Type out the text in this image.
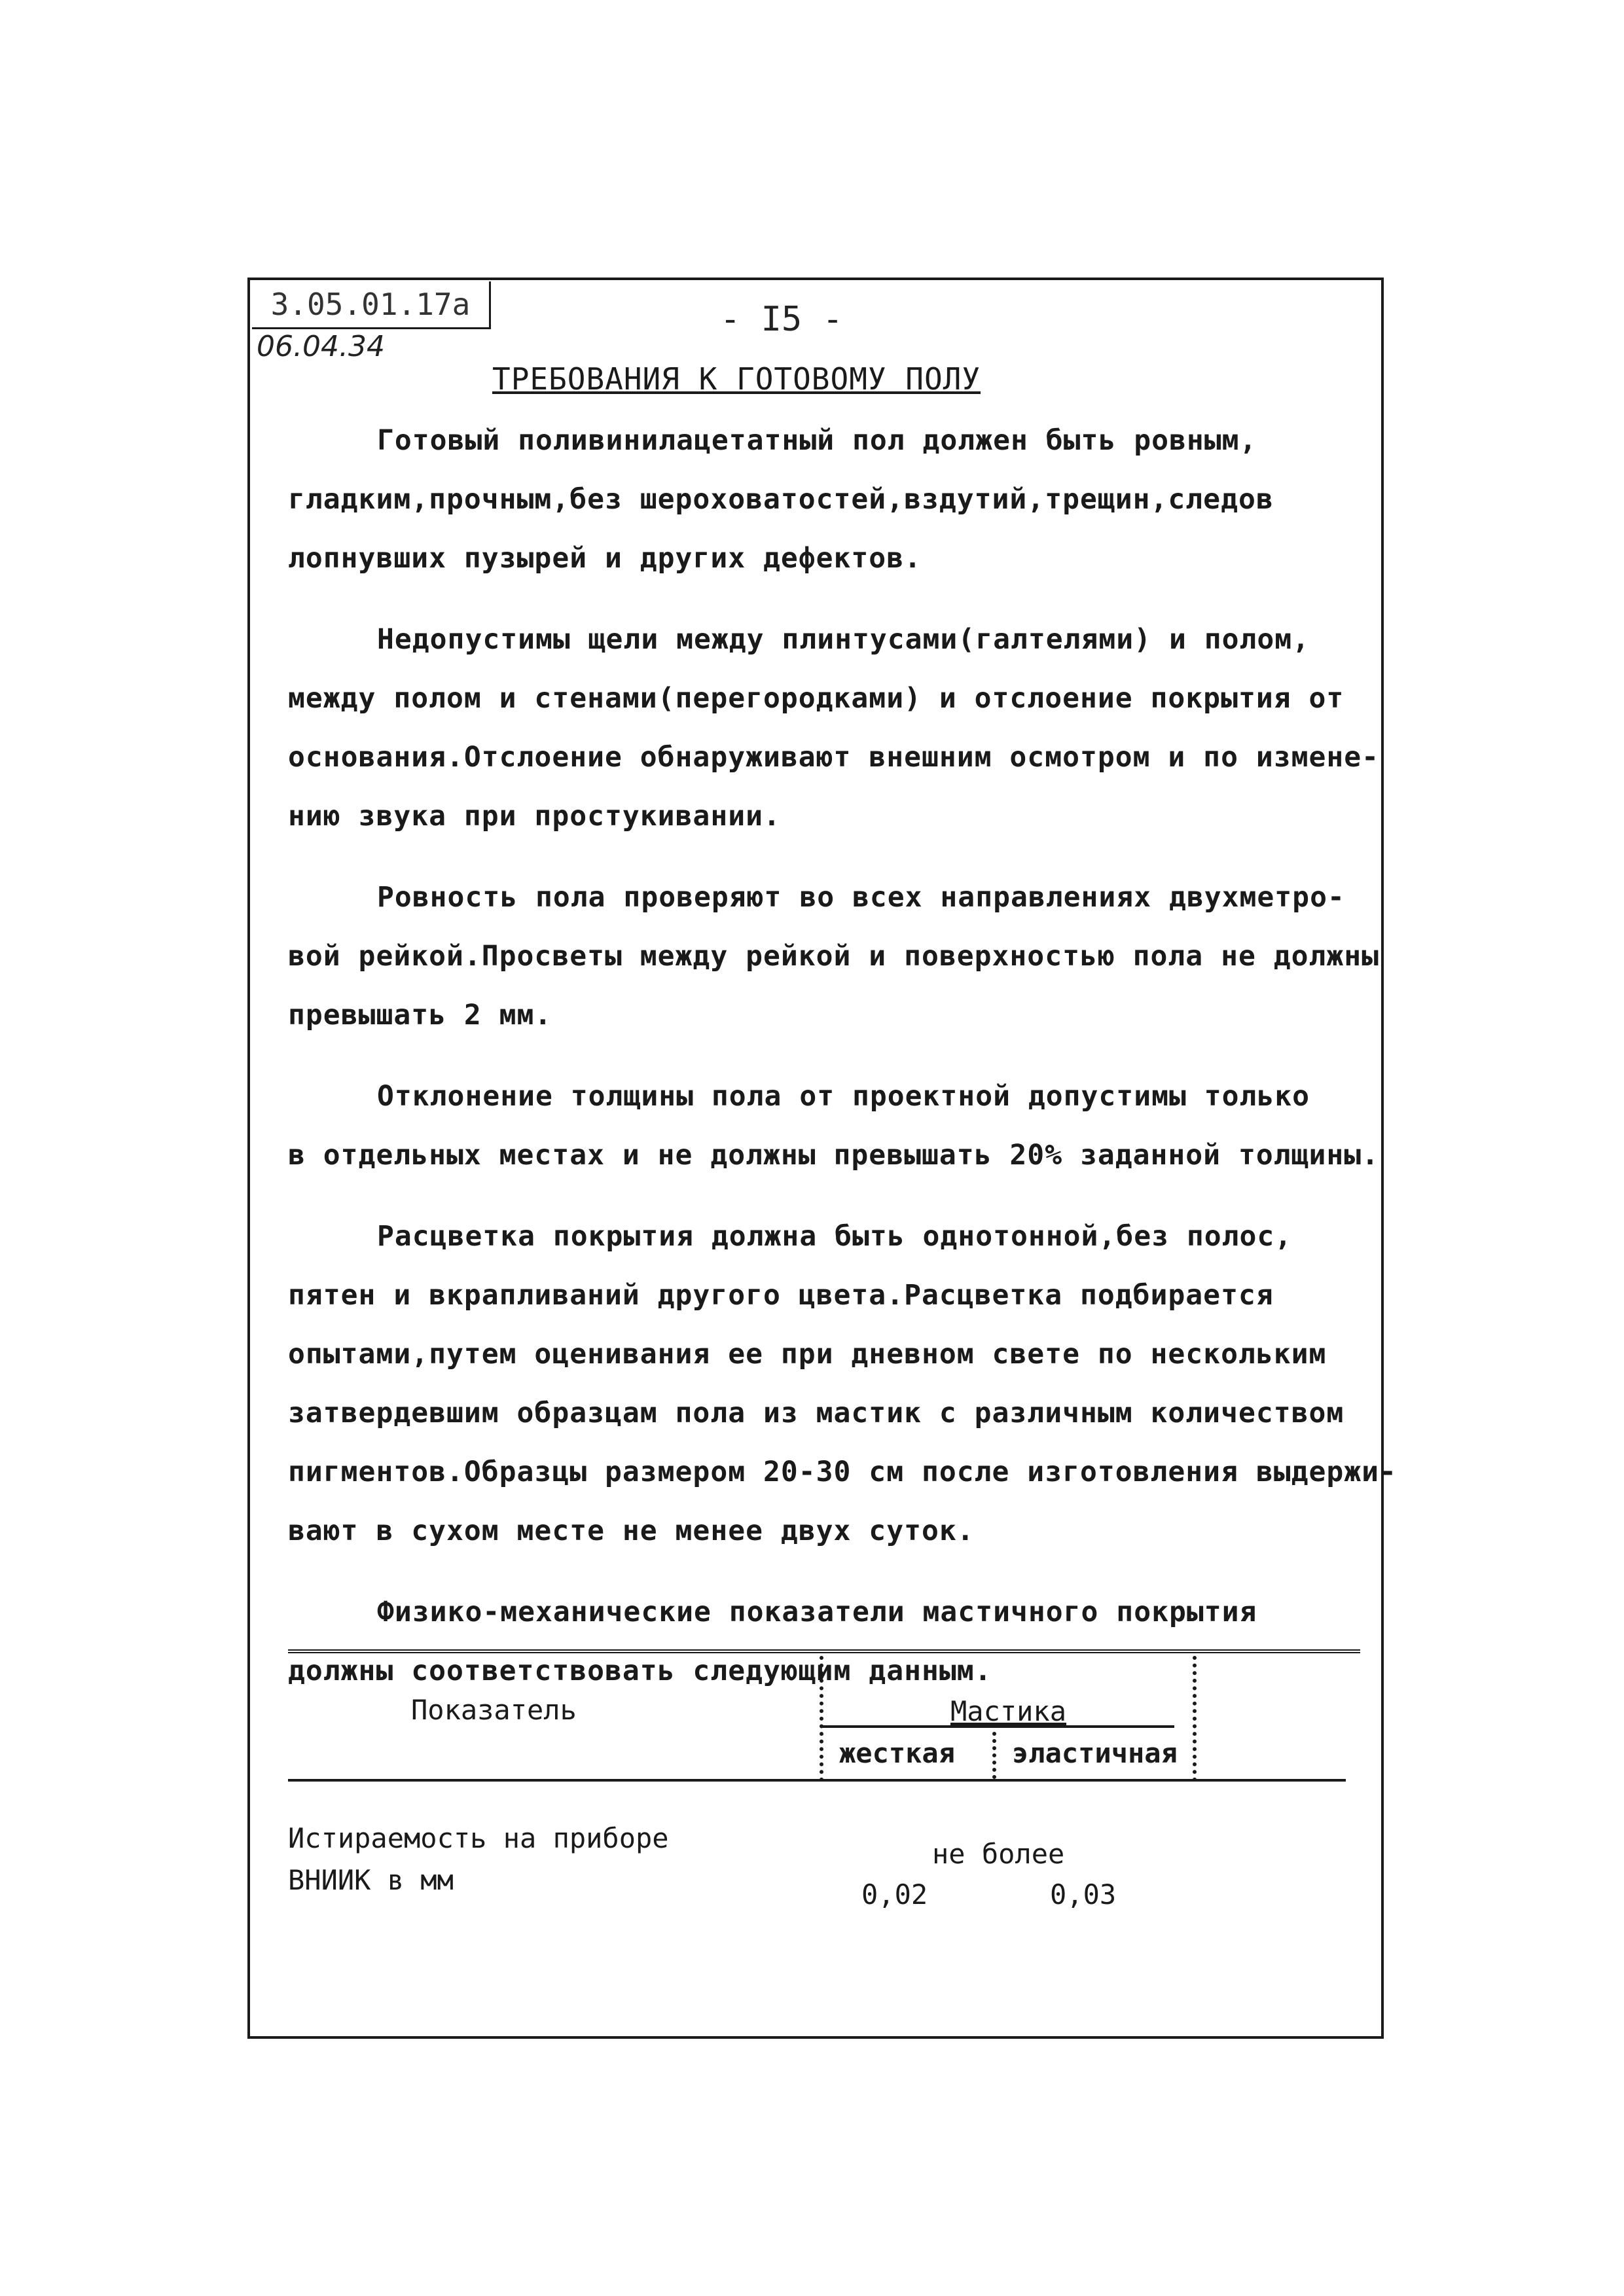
3.05.01.17а
06.04.34
- I5 -
ТРЕБОВАНИЯ К ГОТОВОМУ ПОЛУ
Готовый поливинилацетатный пол должен быть ровным,
гладким,прочным,без шероховатостей,вздутий,трещин,следов
лопнувших пузырей и других дефектов.
Недопустимы щели между плинтусами(галтелями) и полом,
между полом и стенами(перегородками) и отслоение покрытия от
основания.Отслоение обнаруживают внешним осмотром и по измене-
нию звука при простукивании.
Ровность пола проверяют во всех направлениях двухметро-
вой рейкой.Просветы между рейкой и поверхностью пола не должны
превышать 2 мм.
Отклонение толщины пола от проектной допустимы только
в отдельных местах и не должны превышать 20% заданной толщины.
Расцветка покрытия должна быть однотонной,без полос,
пятен и вкрапливаний другого цвета.Расцветка подбирается
опытами,путем оценивания ее при дневном свете по нескольким
затвердевшим образцам пола из мастик с различным количеством
пигментов.Образцы размером 20-30 см после изготовления выдержи-
вают в сухом месте не менее двух суток.
Физико-механические показатели мастичного покрытия
должны соответствовать следующим данным.
Показатель	Мастика
жесткая эластичная
Истираемость на приборе
ВНИИК в мм
не более
0,02	0,03
